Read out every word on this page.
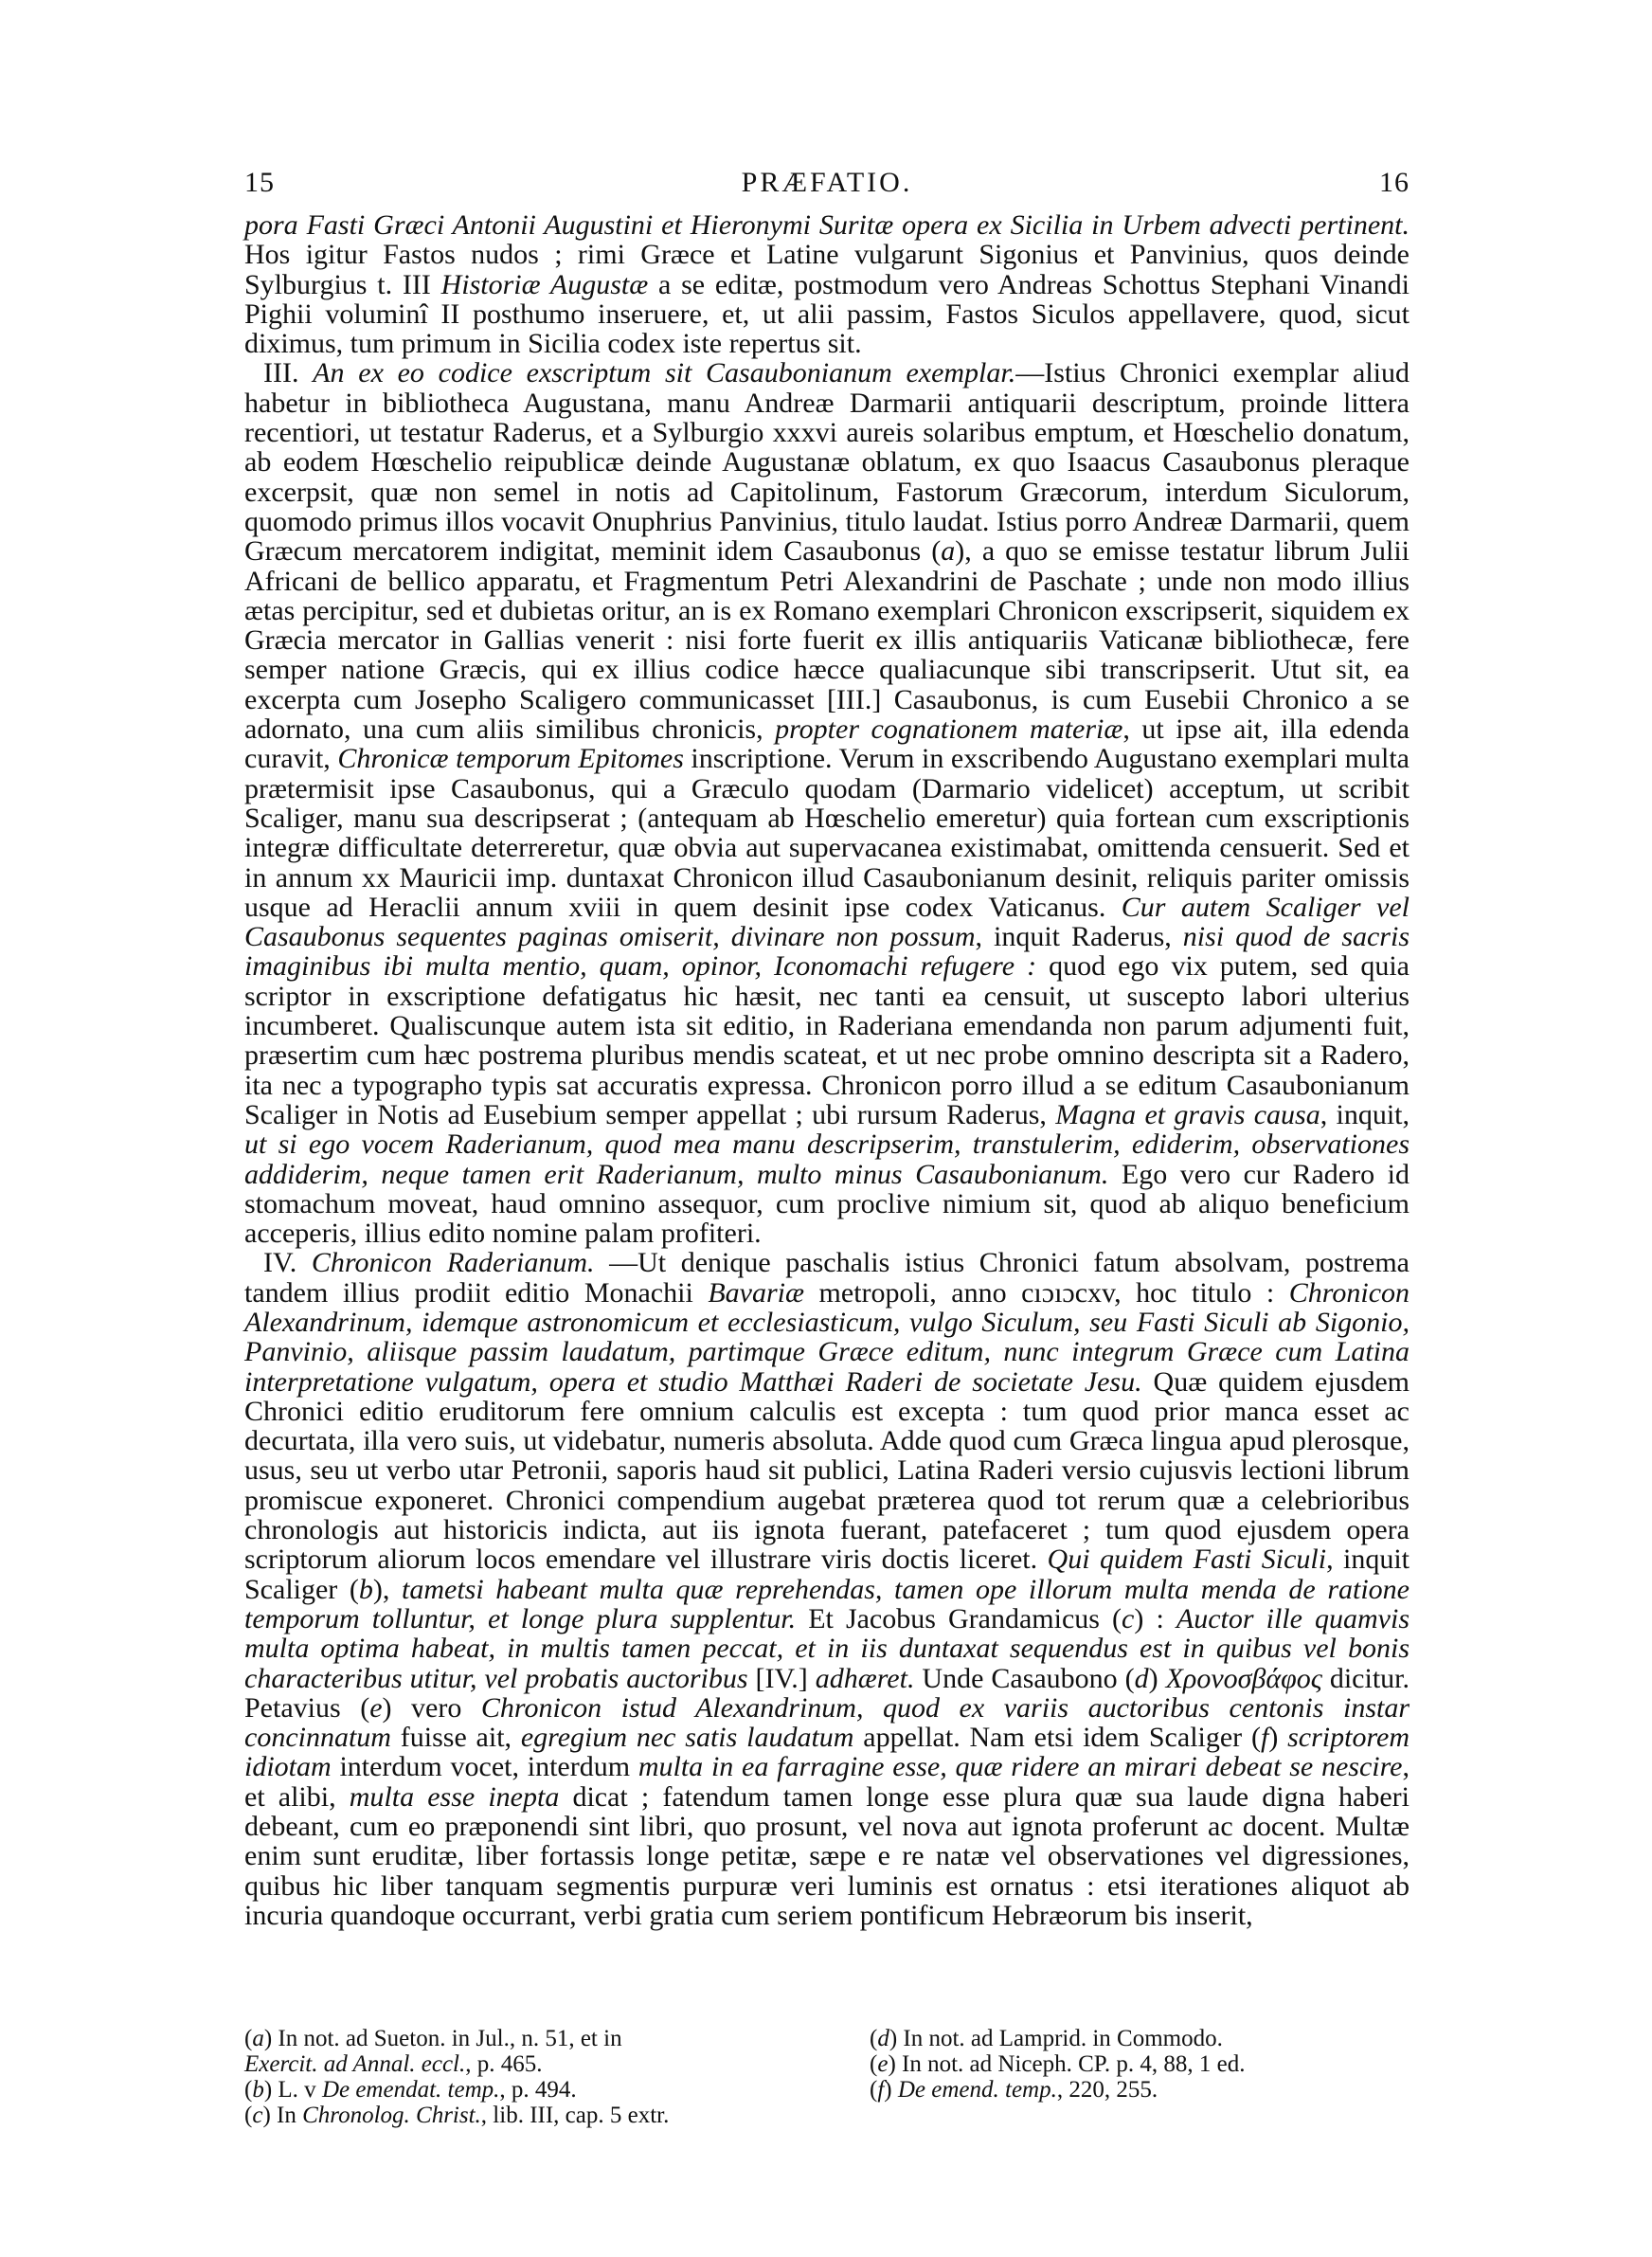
15	PRÆFATIO.	16

pora Fasti Græci Antonii Augustini et Hieronymi Suritæ opera ex Sicilia in Urbem advecti pertinent. Hos igitur Fastos nudos ; rimi Græce et Latine vulgarunt Sigonius et Panvinius, quos deinde Sylburgius t. III Historiæ Augustæ a se editæ, postmodum vero Andreas Schottus Stephani Vinandi Pighii voluminî II posthumo inseruere, et, ut alii passim, Fastos Siculos appellavere, quod, sicut diximus, tum primum in Sicilia codex iste repertus sit.

III. An ex eo codice exscriptum sit Casaubonianum exemplar.—Istius Chronici exemplar aliud habetur in bibliotheca Augustana, manu Andreæ Darmarii antiquarii descriptum, proinde littera recentiori, ut testatur Raderus, et a Sylburgio xxxvi aureis solaribus emptum, et Hœschelio donatum, ab eodem Hœschelio reipublicæ deinde Augustanæ oblatum, ex quo Isaacus Casaubonus pleraque excerpsit, quæ non semel in notis ad Capitolinum, Fastorum Græcorum, interdum Siculorum, quomodo primus illos vocavit Onuphrius Panvinius, titulo laudat. Istius porro Andreæ Darmarii, quem Græcum mercatorem indigitat, meminit idem Casaubonus (a), a quo se emisse testatur librum Julii Africani de bellico apparatu, et Fragmentum Petri Alexandrini de Paschate ; unde non modo illius ætas percipitur, sed et dubietas oritur, an is ex Romano exemplari Chronicon exscripserit, siquidem ex Græcia mercator in Gallias venerit : nisi forte fuerit ex illis antiquariis Vaticanæ bibliothecæ, fere semper natione Græcis, qui ex illius codice hæcce qualiacunque sibi transcripserit. Utut sit, ea excerpta cum Josepho Scaligero communicasset [III.] Casaubonus, is cum Eusebii Chronico a se adornato, una cum aliis similibus chronicis, propter cognationem materiæ, ut ipse ait, illa edenda curavit, Chronicæ temporum Epitomes inscriptione. Verum in exscribendo Augustano exemplari multa prætermisit ipse Casaubonus, qui a Græculo quodam (Darmario videlicet) acceptum, ut scribit Scaliger, manu sua descripserat ; (antequam ab Hœschelio emeretur) quia fortean cum exscriptionis integræ difficultate deterreretur, quæ obvia aut supervacanea existimabat, omittenda censuerit. Sed et in annum xx Mauricii imp. duntaxat Chronicon illud Casaubonianum desinit, reliquis pariter omissis usque ad Heraclii annum xviii in quem desinit ipse codex Vaticanus. Cur autem Scaliger vel Casaubonus sequentes paginas omiserit, divinare non possum, inquit Raderus, nisi quod de sacris imaginibus ibi multa mentio, quam, opinor, Iconomachi refugere : quod ego vix putem, sed quia scriptor in exscriptione defatigatus hic hæsit, nec tanti ea censuit, ut suscepto labori ulterius incumberet. Qualiscunque autem ista sit editio, in Raderiana emendanda non parum adjumenti fuit, præsertim cum hæc postrema pluribus mendis scateat, et ut nec probe omnino descripta sit a Radero, ita nec a typographo typis sat accuratis expressa. Chronicon porro illud a se editum Casaubonianum Scaliger in Notis ad Eusebium semper appellat ; ubi rursum Raderus, Magna et gravis causa, inquit, ut si ego vocem Raderianum, quod mea manu descripserim, transtulerim, ediderim, observationes addiderim, neque tamen erit Raderianum, multo minus Casaubonianum. Ego vero cur Radero id stomachum moveat, haud omnino assequor, cum proclive nimium sit, quod ab aliquo beneficium acceperis, illius edito nomine palam profiteri.

IV. Chronicon Raderianum. —Ut denique paschalis istius Chronici fatum absolvam, postrema tandem illius prodiit editio Monachii Bavariæ metropoli, anno cıɔıɔcxv, hoc titulo : Chronicon Alexandrinum, idemque astronomicum et ecclesiasticum, vulgo Siculum, seu Fasti Siculi ab Sigonio, Panvinio, aliisque passim laudatum, partimque Græce editum, nunc integrum Græce cum Latina interpretatione vulgatum, opera et studio Matthæi Raderi de societate Jesu. Quæ quidem ejusdem Chronici editio eruditorum fere omnium calculis est excepta : tum quod prior manca esset ac decurtata, illa vero suis, ut videbatur, numeris absoluta. Adde quod cum Græca lingua apud plerosque, usus, seu ut verbo utar Petronii, saporis haud sit publici, Latina Raderi versio cujusvis lectioni librum promiscue exponeret. Chronici compendium augebat præterea quod tot rerum quæ a celebrioribus chronologis aut historicis indicta, aut iis ignota fuerant, patefaceret ; tum quod ejusdem opera scriptorum aliorum locos emendare vel illustrare viris doctis liceret. Qui quidem Fasti Siculi, inquit Scaliger (b), tametsi habeant multa quæ reprehendas, tamen ope illorum multa menda de ratione temporum tolluntur, et longe plura supplentur. Et Jacobus Grandamicus (c) : Auctor ille quamvis multa optima habeat, in multis tamen peccat, et in iis duntaxat sequendus est in quibus vel bonis characteribus utitur, vel probatis auctoribus [IV.] adhæret. Unde Casaubono (d) Χρονοσβάφος dicitur. Petavius (e) vero Chronicon istud Alexandrinum, quod ex variis auctoribus centonis instar concinnatum fuisse ait, egregium nec satis laudatum appellat. Nam etsi idem Scaliger (f) scriptorem idiotam interdum vocet, interdum multa in ea farragine esse, quæ ridere an mirari debeat se nescire, et alibi, multa esse inepta dicat ; fatendum tamen longe esse plura quæ sua laude digna haberi debeant, cum eo præponendi sint libri, quo prosunt, vel nova aut ignota proferunt ac docent. Multæ enim sunt eruditæ, liber fortassis longe petitæ, sæpe e re natæ vel observationes vel digressiones, quibus hic liber tanquam segmentis purpuræ veri luminis est ornatus : etsi iterationes aliquot ab incuria quandoque occurrant, verbi gratia cum seriem pontificum Hebræorum bis inserit,

(a) In not. ad Sueton. in Jul., n. 51, et in
Exercit. ad Annal. eccl., p. 465.
(b) L. v De emendat. temp., p. 494.
(c) In Chronolog. Christ., lib. III, cap. 5 extr.
(d) In not. ad Lamprid. in Commodo.
(e) In not. ad Niceph. CP. p. 4, 88, 1 ed.
(f) De emend. temp., 220, 255.
